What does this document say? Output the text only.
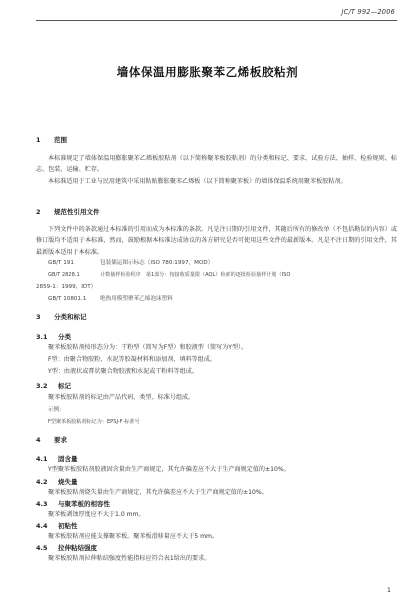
JC/T 992—2006
墙体保温用膨胀聚苯乙烯板胶粘剂
1 范围
本标准规定了墙体保温用膨胀聚苯乙烯板胶粘剂（以下简称聚苯板胶粘剂）的分类和标记、要求、试验方法、抽样、检验规则、标志、包装、运输、贮存。
本标准适用于工业与民用建筑中采用粘贴膨胀聚苯乙烯板（以下简称聚苯板）的墙体保温系统用聚苯板胶粘剂。
2 规范性引用文件
下列文件中的条款通过本标准的引用而成为本标准的条款。凡是注日期的引用文件，其随后所有的修改单（不包括勘误的内容）或修订版均不适用于本标准，然而，鼓励根据本标准达成协议的各方研究是否可使用这些文件的最新版本。凡是不注日期的引用文件，其最新版本适用于本标准。
GB/T 191	包装储运图示标志（ISO 780:1997，MOD）
GB/T 2828.1	计数抽样检验程序　第1部分：按接收质量限（AQL）检索的逐批检验抽样计划（ISO
2859-1：1999，IDT）
GB/T 10801.1 绝热用模塑聚苯乙烯泡沫塑料
3 分类和标记
3.1 分类
聚苯板胶粘剂按形态分为：干粉型（简写为F型）和胶液型（简写为Y型）。
F型：由聚合物胶粉、水泥等胶凝材料和添加剂、填料等组成。
Y型：由液状或膏状聚合物胶液和水泥或干粉料等组成。
3.2 标记
聚苯板胶粘剂的标记由产品代码、类型、标准号组成。
示例：
F型聚苯板胶粘剂标记为：EPSJ-F-标准号
4 要求
4.1 固含量
Y型聚苯板胶粘剂胶液固含量由生产商规定，其允许偏差应不大于生产商规定值的±10%。
4.2 烧失量
聚苯板胶粘剂烧失量由生产商规定，其允许偏差应不大于生产商规定值的±10%。
4.3 与聚苯板的相容性
聚苯板剥蚀厚度应不大于1.0 mm。
4.4 初粘性
聚苯板胶粘剂应能支撑聚苯板。聚苯板滑移量应不大于5 mm。
4.5 拉伸粘结强度
聚苯板胶粘剂拉伸粘结强度性能指标应符合表1给出的要求。
1
